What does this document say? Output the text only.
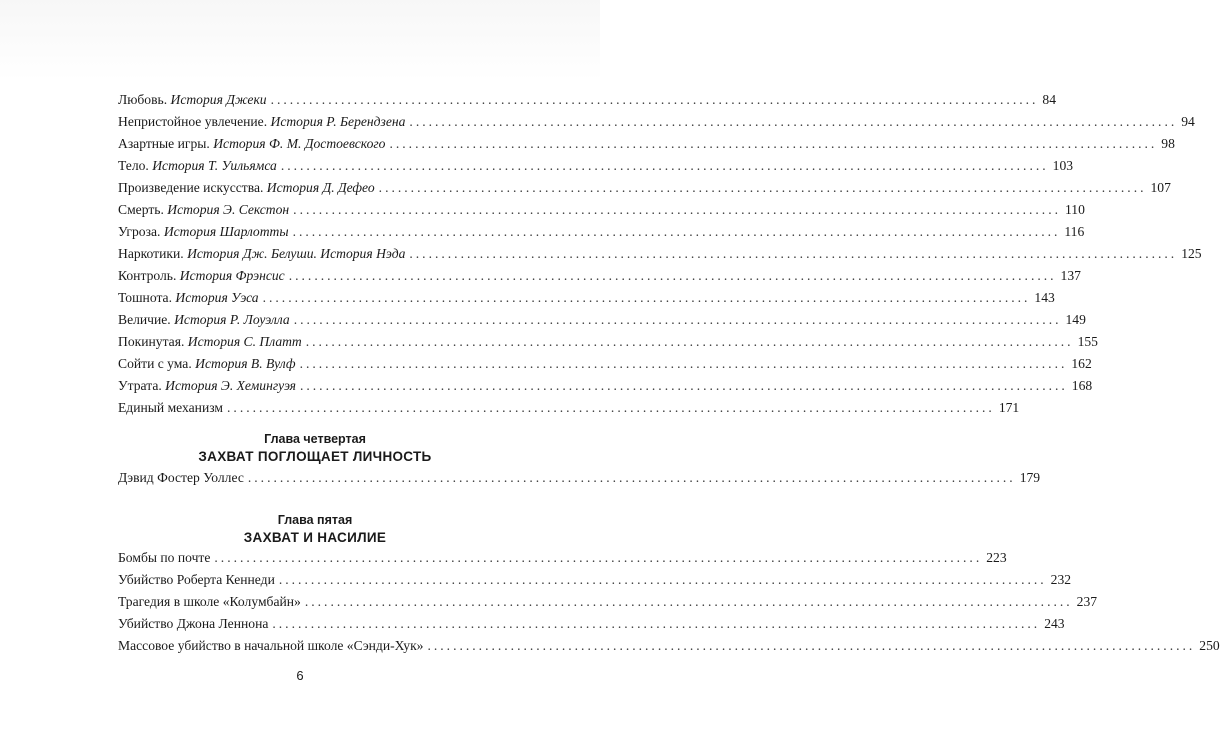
Любовь. История Джеки ........................................................................................................................ 84
Непристойное увлечение. История Р. Берендзена ........................................................................................................................ 94
Азартные игры. История Ф. М. Достоевского ........................................................................................................................ 98
Тело. История Т. Уильямса ........................................................................................................................ 103
Произведение искусства. История Д. Дефео ........................................................................................................................ 107
Смерть. История Э. Секстон ........................................................................................................................ 110
Угроза. История Шарлотты ........................................................................................................................ 116
Наркотики. История Дж. Белуши. История Нэда ........................................................................................................................ 125
Контроль. История Фрэнсис ........................................................................................................................ 137
Тошнота. История Уэса ........................................................................................................................ 143
Величие. История Р. Лоуэлла ........................................................................................................................ 149
Покинутая. История С. Платт ........................................................................................................................ 155
Сойти с ума. История В. Вулф ........................................................................................................................ 162
Утрата. История Э. Хемингуэя ........................................................................................................................ 168
Единый механизм ........................................................................................................................ 171
Глава четвертая
ЗАХВАТ ПОГЛОЩАЕТ ЛИЧНОСТЬ
Дэвид Фостер Уоллес ........................................................................................................................ 179
Глава пятая
ЗАХВАТ И НАСИЛИЕ
Бомбы по почте ........................................................................................................................ 223
Убийство Роберта Кеннеди ........................................................................................................................ 232
Трагедия в школе «Колумбайн» ........................................................................................................................ 237
Убийство Джона Леннона ........................................................................................................................ 243
Массовое убийство в начальной школе «Сэнди-Хук» ........................................................................................................................ 250
6
